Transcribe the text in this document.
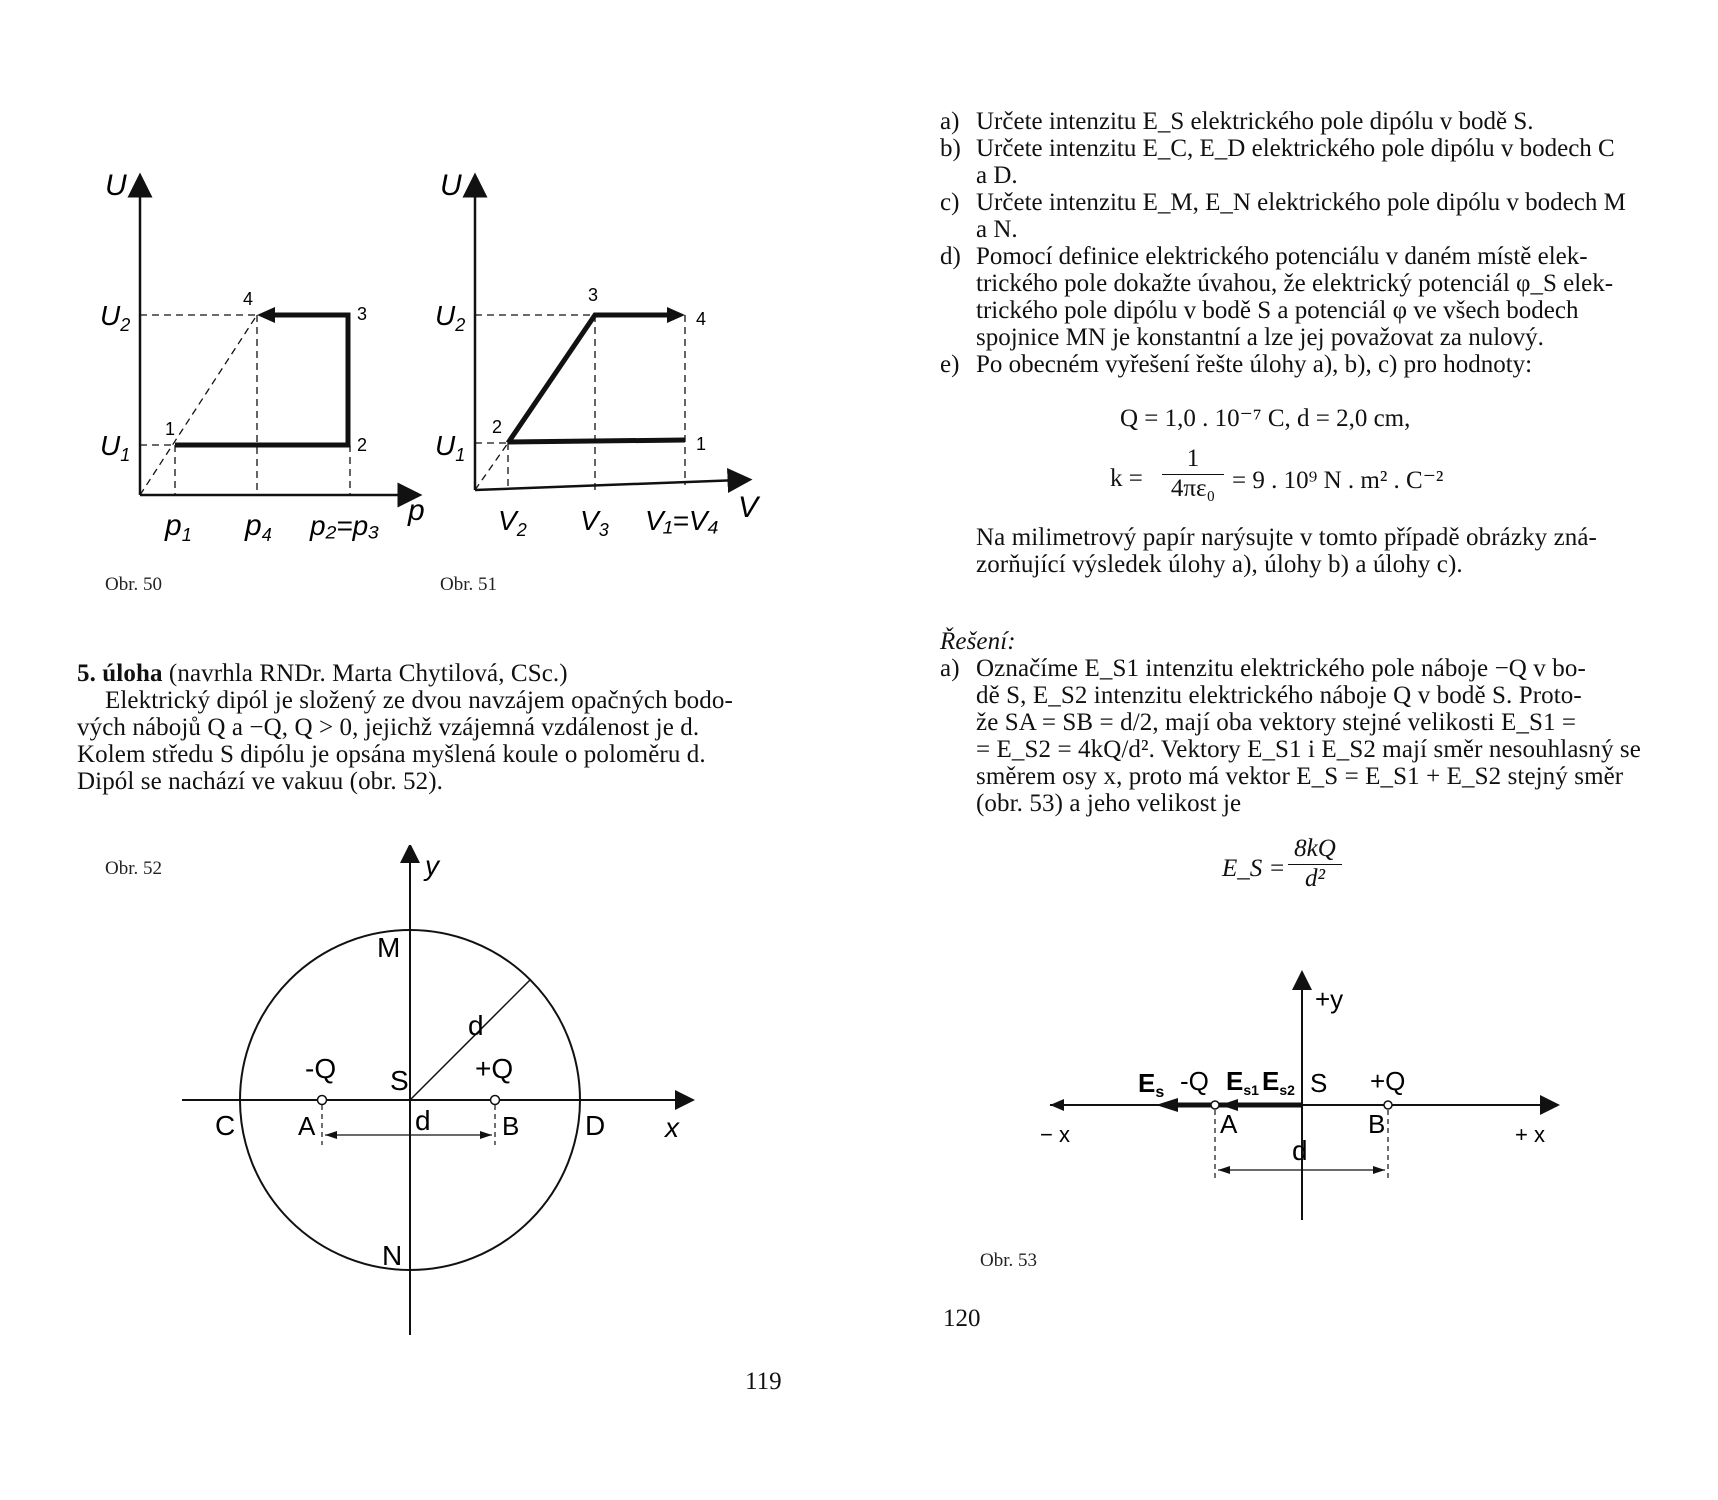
U
$U_2$
$U_1$
$p_1$ $p_4$ p₂=p₃ p
1
2
3
4
Obr. 50
U
$U_2$
$U_1$
$V_2$ $V_3$ V₁=V₄ V
1
2
3
4
Obr. 51
5. úloha (navrhla RNDr. Marta Chytilová, CSc.)
Elektrický dipól je složený ze dvou navzájem opačných bodo-
vých nábojů Q a −Q, Q > 0, jejichž vzájemná vzdálenost je d.
Kolem středu S dipólu je opsána myšlená koule o poloměru d.
Dipól se nachází ve vakuu (obr. 52).
Obr. 52	y
M
N
C	D x
S
-Q	+Q
A	B
d
d
119
a) Určete intenzitu E_S elektrického pole dipólu v bodě S.
b) Určete intenzitu E_C, E_D elektrického pole dipólu v bodech C
a D.
c) Určete intenzitu E_M, E_N elektrického pole dipólu v bodech M
a N.
d) Pomocí definice elektrického potenciálu v daném místě elek-
trického pole dokažte úvahou, že elektrický potenciál φ_S elek-
trického pole dipólu v bodě S a potenciál φ ve všech bodech
spojnice MN je konstantní a lze jej považovat za nulový.
e) Po obecném vyřešení řešte úlohy a), b), c) pro hodnoty:
Q = 1,0 . 10⁻⁷ C, d = 2,0 cm,
$k = \frac{1}{\text{4πε₀}} = 9$ . 10⁹ N . m² . C⁻²
Na milimetrový papír narýsujte v tomto případě obrázky zná-
zorňující výsledek úlohy a), úlohy b) a úlohy c).
Řešení:
a) Označíme E_S1 intenzitu elektrického pole náboje −Q v bo-
dě S, E_S2 intenzitu elektrického náboje Q v bodě S. Proto-
že SA = SB = d/2, mají oba vektory stejné velikosti E_S1 =
= E_S2 = 4kQ/d². Vektory E_S1 i E_S2 mají směr nesouhlasný se
směrem osy x, proto má vektor E_S = E_S1 + E_S2 stejný směr
(obr. 53) a jeho velikost je
E_S = $\frac{8kQ}{\text{d²}}$
+y
− x	+ x
Es -Q Es1 Es2 S +Q
A	B
d
Obr. 53
120
